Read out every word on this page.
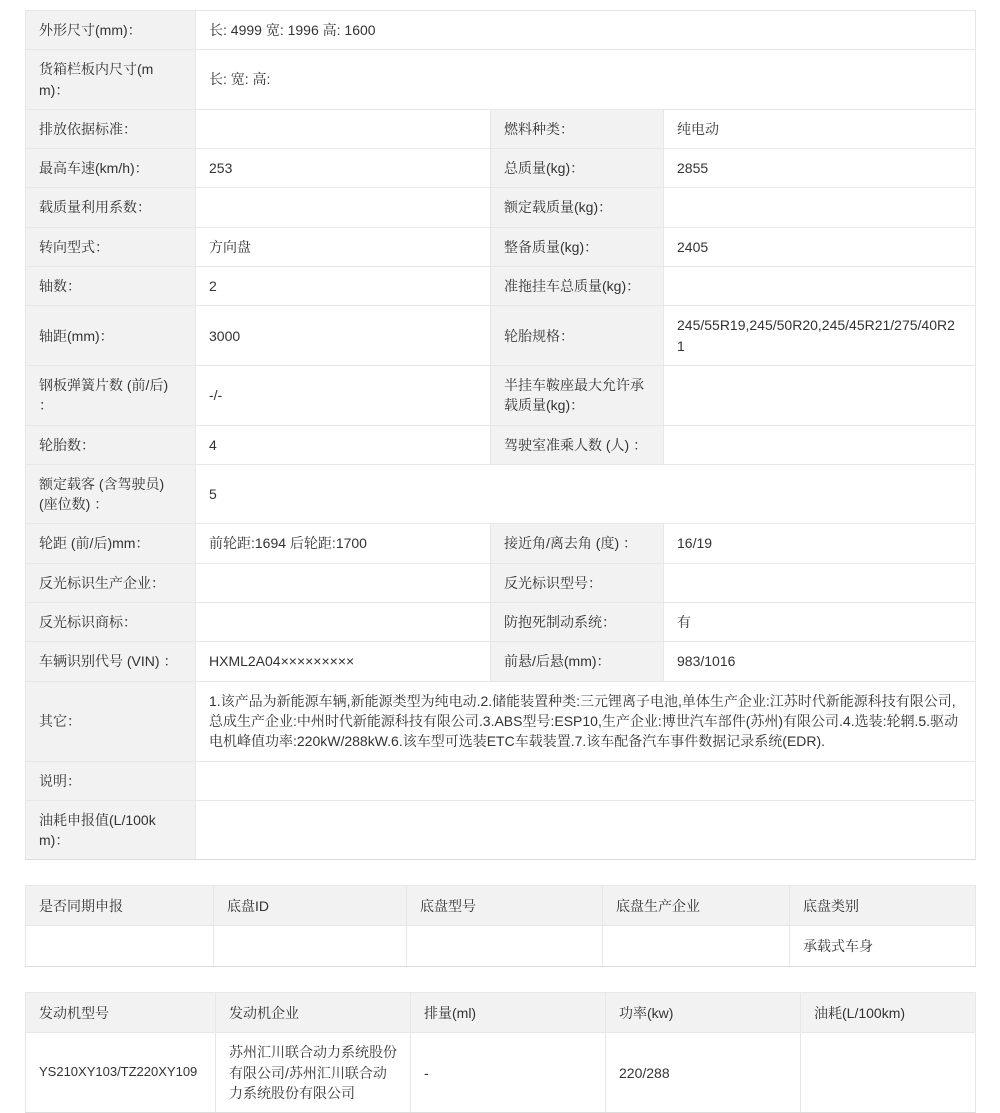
外形尺寸(mm)：	长: 4999 宽: 1996 高: 1600		
货箱栏板内尺寸(mm)：	长: 宽: 高:		
排放依据标准：		燃料种类：	纯电动
最高车速(km/h)：	253	总质量(kg)：	2855
载质量利用系数：		额定载质量(kg)：	
转向型式：	方向盘	整备质量(kg)：	2405
轴数：	2	准拖挂车总质量(kg)：	
轴距(mm)：	3000	轮胎规格：	245/55R19,245/50R20,245/45R21/275/40R21
钢板弹簧片数 (前/后) ：	-/-	半挂车鞍座最大允许承载质量(kg)：	
轮胎数：	4	驾驶室准乘人数 (人) ：	
额定载客 (含驾驶员) (座位数) ：	5		
轮距 (前/后)mm：	前轮距:1694 后轮距:1700	接近角/离去角 (度) ：	16/19
反光标识生产企业：		反光标识型号：	
反光标识商标：		防抱死制动系统：	有
车辆识别代号 (VIN) ：	HXML2A04×××××××××	前悬/后悬(mm)：	983/1016
其它：	1.该产品为新能源车辆,新能源类型为纯电动.2.储能装置种类:三元锂离子电池,单体生产企业:江苏时代新能源科技有限公司,总成生产企业:中州时代新能源科技有限公司.3.ABS型号:ESP10,生产企业:博世汽车部件(苏州)有限公司.4.选装:轮辋.5.驱动电机峰值功率:220kW/288kW.6.该车型可选装ETC车载装置.7.该车配备汽车事件数据记录系统(EDR).		
说明：			
油耗申报值(L/100km)：			
是否同期申报	底盘ID	底盘型号	底盘生产企业	底盘类别
				承载式车身
发动机型号	发动机企业	排量(ml)	功率(kw)	油耗(L/100km)
YS210XY103/TZ220XY109	苏州汇川联合动力系统股份有限公司/苏州汇川联合动力系统股份有限公司	-	220/288	
